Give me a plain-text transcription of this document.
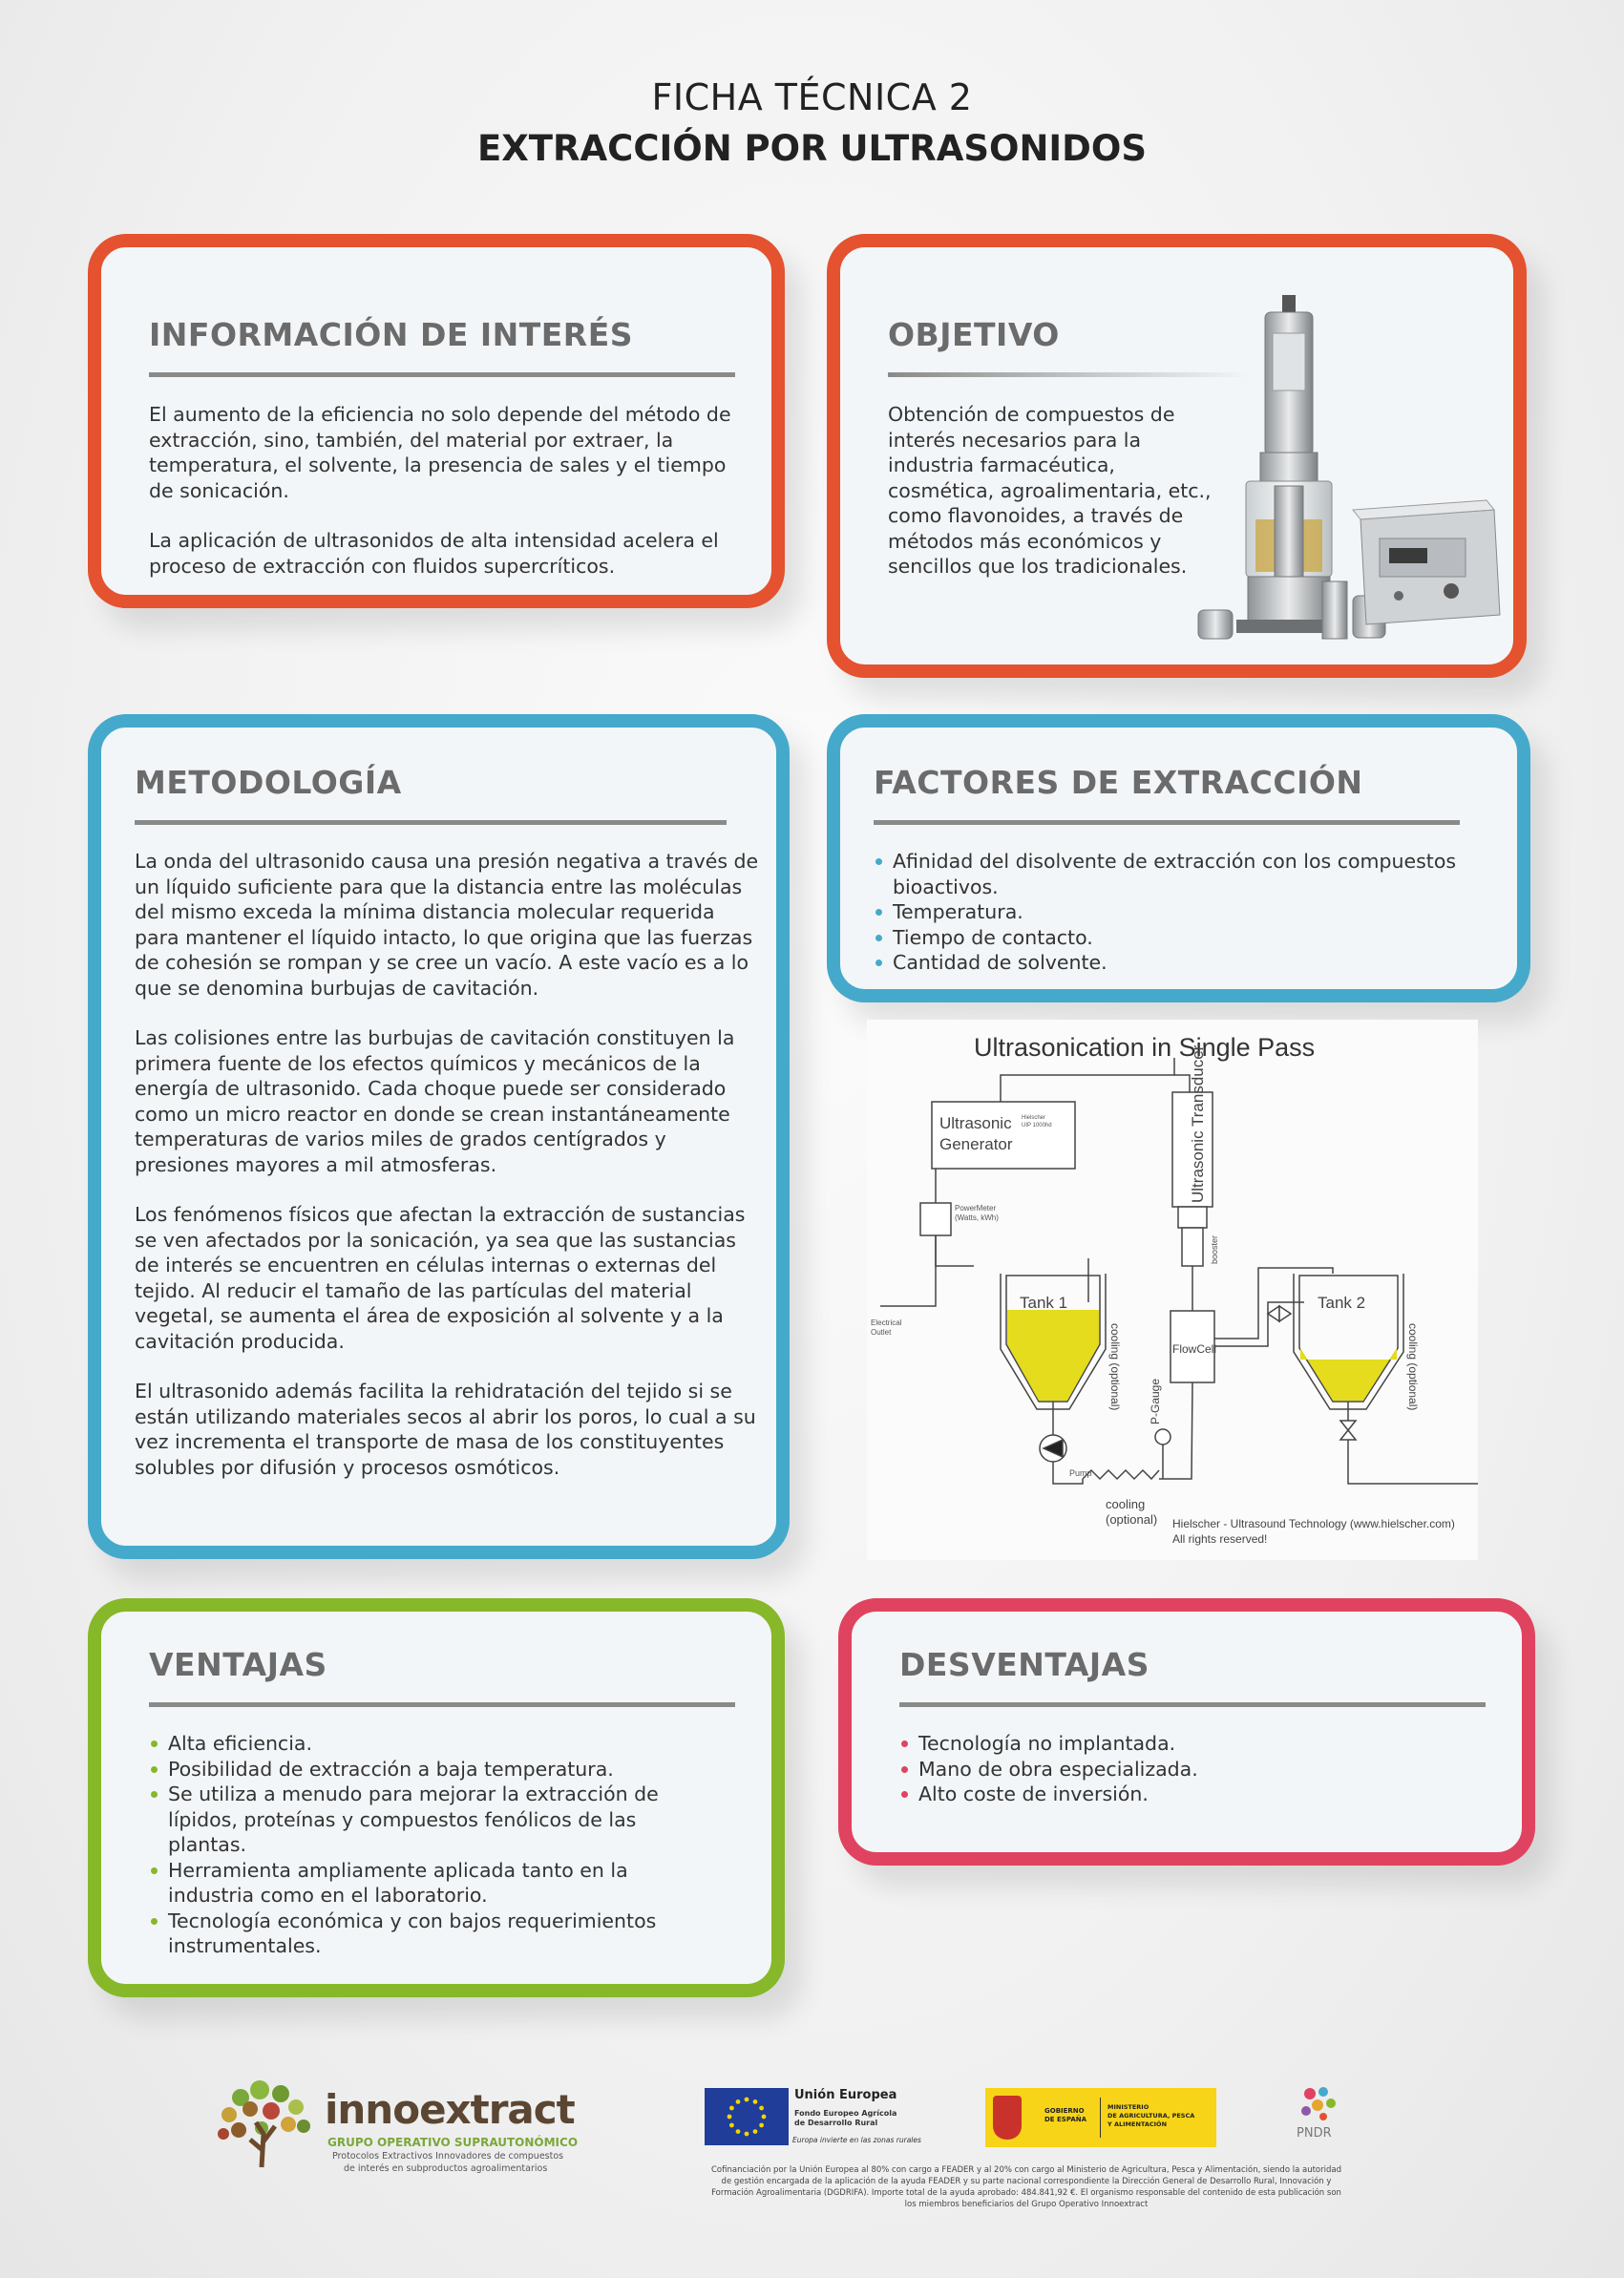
FICHA TÉCNICA 2
EXTRACCIÓN POR ULTRASONIDOS
INFORMACIÓN DE INTERÉS

El aumento de la eficiencia no solo depende del método de extracción, sino, también, del material por extraer, la temperatura, el solvente, la presencia de sales y el tiempo de sonicación.

La aplicación de ultrasonidos de alta intensidad acelera el proceso de extracción con fluidos supercríticos.

OBJETIVO

Obtención de compuestos de interés necesarios para la industria farmacéutica, cosmética, agroalimentaria, etc., como flavonoides, a través de métodos más económicos y sencillos que los tradicionales.

METODOLOGÍA

La onda del ultrasonido causa una presión negativa a través de un líquido suficiente para que la distancia entre las moléculas del mismo exceda la mínima distancia molecular requerida para mantener el líquido intacto, lo que origina que las fuerzas de cohesión se rompan y se cree un vacío. A este vacío es a lo que se denomina burbujas de cavitación.

Las colisiones entre las burbujas de cavitación constituyen la primera fuente de los efectos químicos y mecánicos de la energía de ultrasonido. Cada choque puede ser considerado como un micro reactor en donde se crean instantáneamente temperaturas de varios miles de grados centígrados y presiones mayores a mil atmosferas.

Los fenómenos físicos que afectan la extracción de sustancias se ven afectados por la sonicación, ya sea que las sustancias de interés se encuentren en células internas o externas del tejido. Al reducir el tamaño de las partículas del material vegetal, se aumenta el área de exposición al solvente y a la cavitación producida.

El ultrasonido además facilita la rehidratación del tejido si se están utilizando materiales secos al abrir los poros, lo cual a su vez incrementa el transporte de masa de los constituyentes solubles por difusión y procesos osmóticos.

FACTORES DE EXTRACCIÓN
Afinidad del disolvente de extracción con los compuestos bioactivos.
Temperatura.
Tiempo de contacto.
Cantidad de solvente.
Ultrasonication in Single Pass
Ultrasonic
Generator
Hielscher
UIP 1000hd	Ultrasonic Transducer
booster
PowerMeter
(Watts, kWh)
Electrical
Outlet
Tank 1	Tank 2
cooling (optional)	cooling (optional)
FlowCell
P-Gauge
Pump
cooling
(optional) Hielscher - Ultrasound Technology (www.hielscher.com)
All rights reserved!
VENTAJAS
Alta eficiencia.
Posibilidad de extracción a baja temperatura.
Se utiliza a menudo para mejorar la extracción de lípidos, proteínas y compuestos fenólicos de las plantas.
Herramienta ampliamente aplicada tanto en la industria como en el laboratorio.
Tecnología económica y con bajos requerimientos instrumentales.
DESVENTAJAS
Tecnología no implantada.
Mano de obra especializada.
Alto coste de inversión.
innoextract
GRUPO OPERATIVO SUPRAUTONÓMICO
Protocolos Extractivos Innovadores de compuestos
de interés en subproductos agroalimentarios
Unión Europea
Fondo Europeo Agrícola
de Desarrollo Rural
Europa invierte en las zonas rurales
GOBIERNO
DE ESPAÑA
MINISTERIO
DE AGRICULTURA, PESCA
Y ALIMENTACIÓN
PNDR
Cofinanciación por la Unión Europea al 80% con cargo a FEADER y al 20% con cargo al Ministerio de Agricultura, Pesca y Alimentación, siendo la autoridad
de gestión encargada de la aplicación de la ayuda FEADER y su parte nacional correspondiente la Dirección General de Desarrollo Rural, Innovación y
Formación Agroalimentaria (DGDRIFA). Importe total de la ayuda aprobado: 484.841,92 €. El organismo responsable del contenido de esta publicación son
los miembros beneficiarios del Grupo Operativo Innoextract
